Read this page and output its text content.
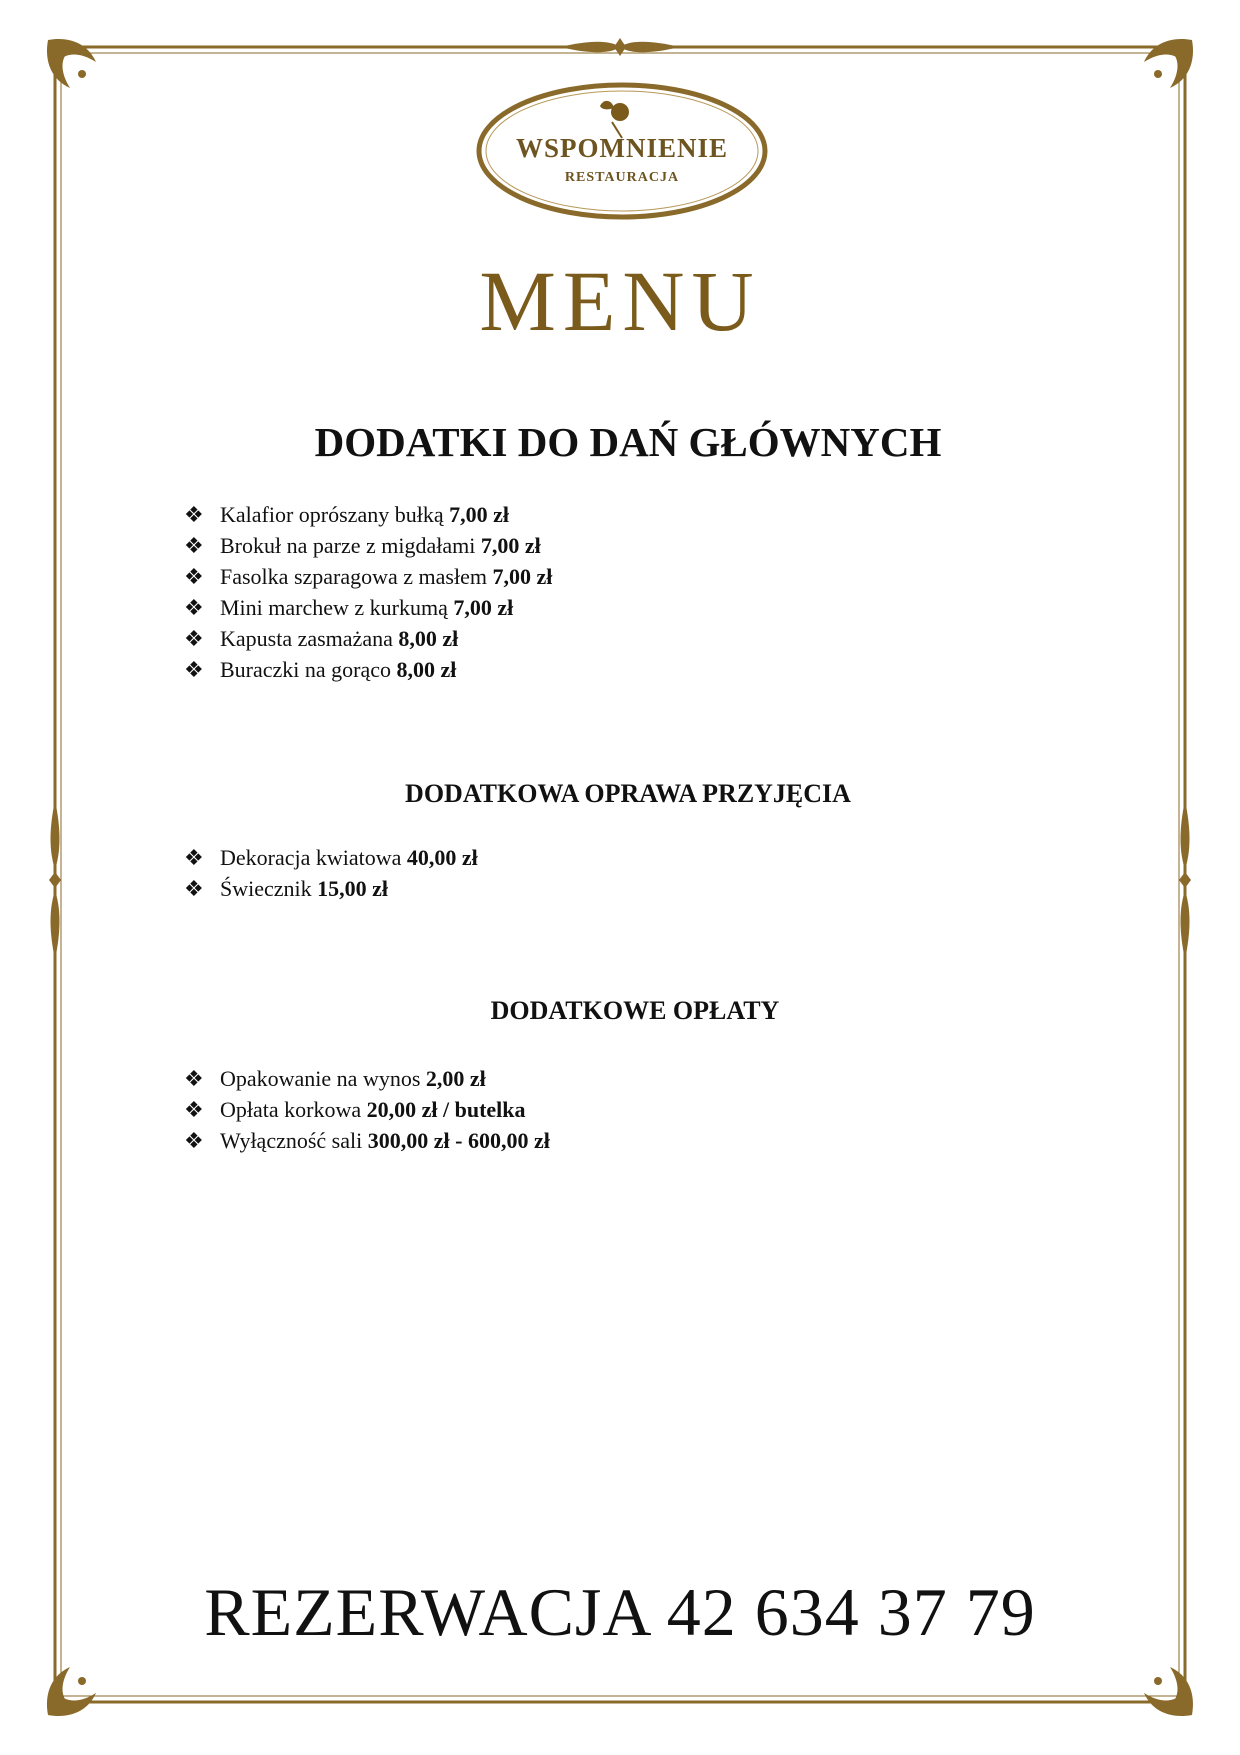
WSPOMNIENIE
RESTAURACJA
MENU
DODATKI DO DAŃ GŁÓWNYCH
❖ Kalafior oprószany bułką 7,00 zł
❖ Brokuł na parze z migdałami 7,00 zł
❖ Fasolka szparagowa z masłem 7,00 zł
❖ Mini marchew z kurkumą 7,00 zł
❖ Kapusta zasmażana 8,00 zł
❖ Buraczki na gorąco 8,00 zł
DODATKOWA OPRAWA PRZYJĘCIA
❖ Dekoracja kwiatowa 40,00 zł
❖ Świecznik 15,00 zł
DODATKOWE OPŁATY
❖ Opakowanie na wynos 2,00 zł
❖ Opłata korkowa 20,00 zł / butelka
❖ Wyłączność sali 300,00 zł - 600,00 zł
REZERWACJA 42 634 37 79
